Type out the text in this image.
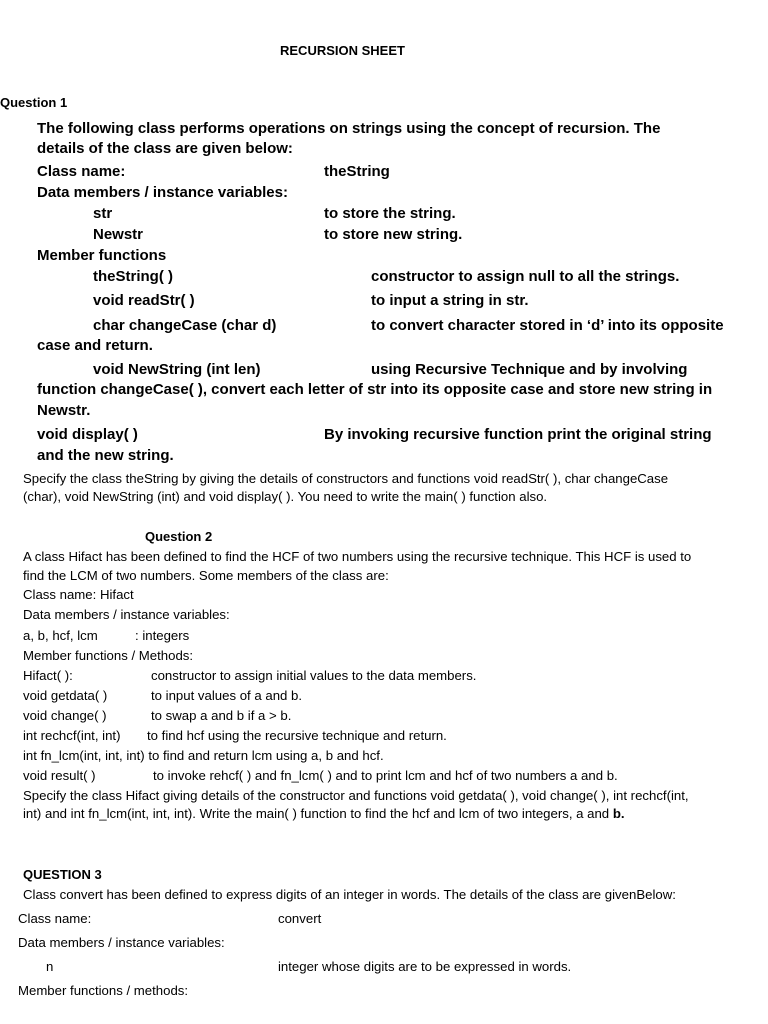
RECURSION SHEET
Question 1
The following class performs operations on strings using the concept of recursion. The
details of the class are given below:
Class name:	theString
Data members / instance variables:
str	to store the string.
Newstr	to store new string.
Member functions
theString( )	constructor to assign null to all the strings.
void readStr( )	to input a string in str.
char changeCase (char d)	to convert character stored in ‘d’ into its opposite
case and return.
void NewString (int len)	using Recursive Technique and by involving
function changeCase( ), convert each letter of str into its opposite case and store new string in
Newstr.
void display( )	By invoking recursive function print the original string
and the new string.
Specify the class theString by giving the details of constructors and functions void readStr( ), char changeCase
(char), void NewString (int) and void display( ). You need to write the main( ) function also.
Question 2
A class Hifact has been defined to find the HCF of two numbers using the recursive technique. This HCF is used to
find the LCM of two numbers. Some members of the class are:
Class name: Hifact
Data members / instance variables:
a, b, hcf, lcm	: integers
Member functions / Methods:
Hifact( ):	constructor to assign initial values to the data members.
void getdata( )	to input values of a and b.
void change( )	to swap a and b if a > b.
int rechcf(int, int) to find hcf using the recursive technique and return.
int fn_lcm(int, int, int) to find and return lcm using a, b and hcf.
void result( )	to invoke rehcf( ) and fn_lcm( ) and to print lcm and hcf of two numbers a and b.
Specify the class Hifact giving details of the constructor and functions void getdata( ), void change( ), int rechcf(int,
int) and int fn_lcm(int, int, int). Write the main( ) function to find the hcf and lcm of two integers, a and b.
QUESTION 3
Class convert has been defined to express digits of an integer in words. The details of the class are givenBelow:
Class name:	convert
Data members / instance variables:
n	integer whose digits are to be expressed in words.
Member functions / methods:
